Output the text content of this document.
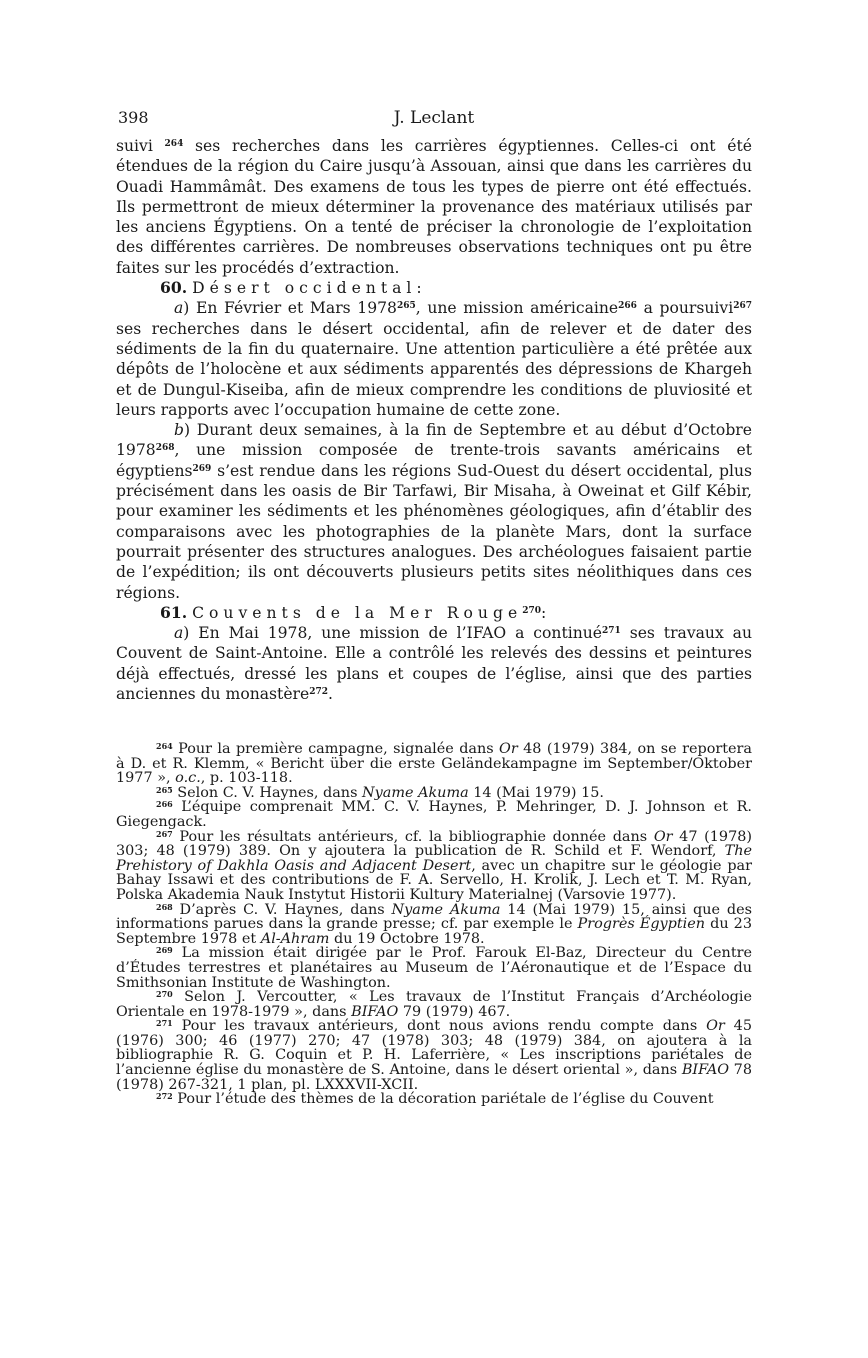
398	J. Leclant

suivi $^{264}$ ses recherches dans les carrières égyptiennes. Celles-ci ont été étendues de la région du Caire jusqu’à Assouan, ainsi que dans les carrières du Ouadi Hammâmât. Des examens de tous les types de pierre ont été effectués. Ils permettront de mieux déterminer la provenance des matériaux utilisés par les anciens Égyptiens. On a tenté de préciser la chronologie de l’exploitation des différentes carrières. De nombreuses observations techniques ont pu être faites sur les procédés d’extraction.

60. Désert occidental:

a) En Février et Mars 1978$^{265}$, une mission américaine$^{266}$ a poursuivi$^{267}$ ses recherches dans le désert occidental, afin de relever et de dater des sédiments de la fin du quaternaire. Une attention particulière a été prêtée aux dépôts de l’holocène et aux sédiments apparentés des dépressions de Khargeh et de Dungul-Kiseiba, afin de mieux comprendre les conditions de pluviosité et leurs rapports avec l’occupation humaine de cette zone.

b) Durant deux semaines, à la fin de Septembre et au début d’Octobre 1978$^{268}$, une mission composée de trente-trois savants américains et égyptiens$^{269}$ s’est rendue dans les régions Sud-Ouest du désert occidental, plus précisément dans les oasis de Bir Tarfawi, Bir Misaha, à Oweinat et Gilf Kébir, pour examiner les sédiments et les phénomènes géologiques, afin d’établir des comparaisons avec les photographies de la planète Mars, dont la surface pourrait présenter des structures analogues. Des archéologues faisaient partie de l’expédition; ils ont découverts plusieurs petits sites néolithiques dans ces régions.

61. Couvents de la Mer Rouge$^{270}$:

a) En Mai 1978, une mission de l’IFAO a continué$^{271}$ ses travaux au Couvent de Saint-Antoine. Elle a contrôlé les relevés des dessins et peintures déjà effectués, dressé les plans et coupes de l’église, ainsi que des parties anciennes du monastère$^{272}$.

$^{264}$ Pour la première campagne, signalée dans Or 48 (1979) 384, on se reportera à D. et R. Klemm, « Bericht über die erste Geländekampagne im September/Oktober 1977 », o.c., p. 103-118.

$^{265}$ Selon C. V. Haynes, dans Nyame Akuma 14 (Mai 1979) 15.

$^{266}$ L’équipe comprenait MM. C. V. Haynes, P. Mehringer, D. J. Johnson et R. Giegengack.

$^{267}$ Pour les résultats antérieurs, cf. la bibliographie donnée dans Or 47 (1978) 303; 48 (1979) 389. On y ajoutera la publication de R. Schild et F. Wendorf, The Prehistory of Dakhla Oasis and Adjacent Desert, avec un chapitre sur le géologie par Bahay Issawi et des contributions de F. A. Servello, H. Krolik, J. Lech et T. M. Ryan, Polska Akademia Nauk Instytut Historii Kultury Materialnej (Varsovie 1977).

$^{268}$ D’après C. V. Haynes, dans Nyame Akuma 14 (Mai 1979) 15, ainsi que des informations parues dans la grande presse; cf. par exemple le Progrès Égyptien du 23 Septembre 1978 et Al-Ahram du 19 Octobre 1978.

$^{269}$ La mission était dirigée par le Prof. Farouk El-Baz, Directeur du Centre d’Études terrestres et planétaires au Museum de l’Aéronautique et de l’Espace du Smithsonian Institute de Washington.

$^{270}$ Selon J. Vercoutter, « Les travaux de l’Institut Français d’Archéologie Orientale en 1978-1979 », dans BIFAO 79 (1979) 467.

$^{271}$ Pour les travaux antérieurs, dont nous avions rendu compte dans Or 45 (1976) 300; 46 (1977) 270; 47 (1978) 303; 48 (1979) 384, on ajoutera à la bibliographie R. G. Coquin et P. H. Laferrière, « Les inscriptions pariétales de l’ancienne église du monastère de S. Antoine, dans le désert oriental », dans BIFAO 78 (1978) 267-321, 1 plan, pl. LXXXVII-XCII.

$^{272}$ Pour l’étude des thèmes de la décoration pariétale de l’église du Couvent
